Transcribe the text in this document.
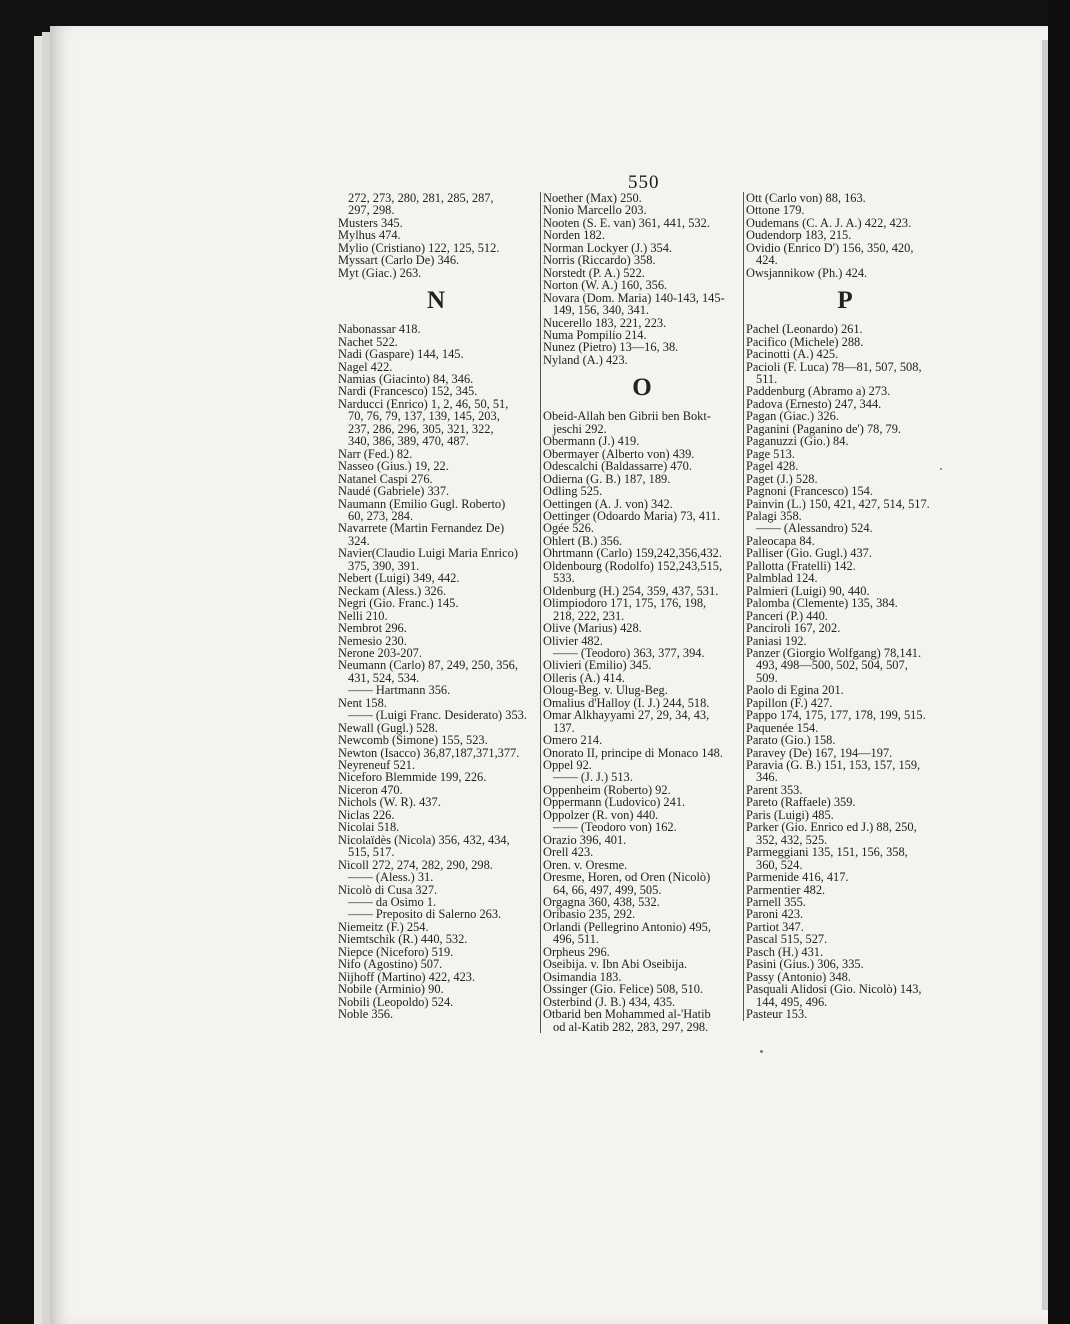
550
272, 273, 280, 281, 285, 287,
297, 298.
Musters 345.
Mylhus 474.
Mylio (Cristiano) 122, 125, 512.
Myssart (Carlo De) 346.
Myt (Giac.) 263.
N
Nabonassar 418.
Nachet 522.
Nadi (Gaspare) 144, 145.
Nagel 422.
Namias (Giacinto) 84, 346.
Nardi (Francesco) 152, 345.
Narducci (Enrico) 1, 2, 46, 50, 51,
70, 76, 79, 137, 139, 145, 203,
237, 286, 296, 305, 321, 322,
340, 386, 389, 470, 487.
Narr (Fed.) 82.
Nasseo (Gius.) 19, 22.
Natanel Caspi 276.
Naudé (Gabriele) 337.
Naumann (Emilio Gugl. Roberto)
60, 273, 284.
Navarrete (Martin Fernandez De)
324.
Navier(Claudio Luigi Maria Enrico)
375, 390, 391.
Nebert (Luigi) 349, 442.
Neckam (Aless.) 326.
Negri (Gio. Franc.) 145.
Nelli 210.
Nembrot 296.
Nemesio 230.
Nerone 203-207.
Neumann (Carlo) 87, 249, 250, 356,
431, 524, 534.
—— Hartmann 356.
Nent 158.
—— (Luigi Franc. Desiderato) 353.
Newall (Gugl.) 528.
Newcomb (Simone) 155, 523.
Newton (Isacco) 36,87,187,371,377.
Neyreneuf 521.
Niceforo Blemmide 199, 226.
Niceron 470.
Nichols (W. R). 437.
Niclas 226.
Nicolai 518.
Nicolaïdès (Nicola) 356, 432, 434,
515, 517.
Nicoll 272, 274, 282, 290, 298.
—— (Aless.) 31.
Nicolò di Cusa 327.
—— da Osimo 1.
—— Preposito di Salerno 263.
Niemeitz (F.) 254.
Niemtschik (R.) 440, 532.
Niepce (Niceforo) 519.
Nifo (Agostino) 507.
Nijhoff (Martino) 422, 423.
Nobile (Arminio) 90.
Nobili (Leopoldo) 524.
Noble 356.
Noether (Max) 250.
Nonio Marcello 203.
Nooten (S. E. van) 361, 441, 532.
Norden 182.
Norman Lockyer (J.) 354.
Norris (Riccardo) 358.
Norstedt (P. A.) 522.
Norton (W. A.) 160, 356.
Novara (Dom. Maria) 140-143, 145-
149, 156, 340, 341.
Nucerello 183, 221, 223.
Numa Pompilio 214.
Nunez (Pietro) 13—16, 38.
Nyland (A.) 423.
O
Obeid-Allah ben Gibrii ben Bokt-
jeschi 292.
Obermann (J.) 419.
Obermayer (Alberto von) 439.
Odescalchi (Baldassarre) 470.
Odierna (G. B.) 187, 189.
Odling 525.
Oettingen (A. J. von) 342.
Oettinger (Odoardo Maria) 73, 411.
Ogée 526.
Ohlert (B.) 356.
Ohrtmann (Carlo) 159,242,356,432.
Oldenbourg (Rodolfo) 152,243,515,
533.
Oldenburg (H.) 254, 359, 437, 531.
Olimpiodoro 171, 175, 176, 198,
218, 222, 231.
Olive (Marius) 428.
Olivier 482.
—— (Teodoro) 363, 377, 394.
Olivieri (Emilio) 345.
Olleris (A.) 414.
Oloug-Beg. v. Ulug-Beg.
Omalius d'Halloy (I. J.) 244, 518.
Omar Alkhayyami 27, 29, 34, 43,
137.
Omero 214.
Onorato II, principe di Monaco 148.
Oppel 92.
—— (J. J.) 513.
Oppenheim (Roberto) 92.
Oppermann (Ludovico) 241.
Oppolzer (R. von) 440.
—— (Teodoro von) 162.
Orazio 396, 401.
Orell 423.
Oren. v. Oresme.
Oresme, Horen, od Oren (Nicolò)
64, 66, 497, 499, 505.
Orgagna 360, 438, 532.
Oribasio 235, 292.
Orlandi (Pellegrino Antonio) 495,
496, 511.
Orpheus 296.
Oseibija. v. Ibn Abi Oseibija.
Osimandia 183.
Ossinger (Gio. Felice) 508, 510.
Osterbind (J. B.) 434, 435.
Otbarid ben Mohammed al-'Hatib
od al-Katib 282, 283, 297, 298.
Ott (Carlo von) 88, 163.
Ottone 179.
Oudemans (C. A. J. A.) 422, 423.
Oudendorp 183, 215.
Ovidio (Enrico D') 156, 350, 420,
424.
Owsjannikow (Ph.) 424.
P
Pachel (Leonardo) 261.
Pacifico (Michele) 288.
Pacinotti (A.) 425.
Pacioli (F. Luca) 78—81, 507, 508,
511.
Paddenburg (Abramo a) 273.
Padova (Ernesto) 247, 344.
Pagan (Giac.) 326.
Paganini (Paganino de') 78, 79.
Paganuzzi (Gio.) 84.
Page 513.
Pagel 428.
Paget (J.) 528.
Pagnoni (Francesco) 154.
Painvin (L.) 150, 421, 427, 514, 517.
Palagi 358.
—— (Alessandro) 524.
Paleocapa 84.
Palliser (Gio. Gugl.) 437.
Pallotta (Fratelli) 142.
Palmblad 124.
Palmieri (Luigi) 90, 440.
Palomba (Clemente) 135, 384.
Panceri (P.) 440.
Panciroli 167, 202.
Paniasi 192.
Panzer (Giorgio Wolfgang) 78,141.
493, 498—500, 502, 504, 507,
509.
Paolo di Egina 201.
Papillon (F.) 427.
Pappo 174, 175, 177, 178, 199, 515.
Paquenée 154.
Parato (Gio.) 158.
Paravey (De) 167, 194—197.
Paravia (G. B.) 151, 153, 157, 159,
346.
Parent 353.
Pareto (Raffaele) 359.
Paris (Luigi) 485.
Parker (Gio. Enrico ed J.) 88, 250,
352, 432, 525.
Parmeggiani 135, 151, 156, 358,
360, 524.
Parmenide 416, 417.
Parmentier 482.
Parnell 355.
Paroni 423.
Partiot 347.
Pascal 515, 527.
Pasch (H.) 431.
Pasini (Gius.) 306, 335.
Passy (Antonio) 348.
Pasquali Alidosi (Gio. Nicolò) 143,
144, 495, 496.
Pasteur 153.
